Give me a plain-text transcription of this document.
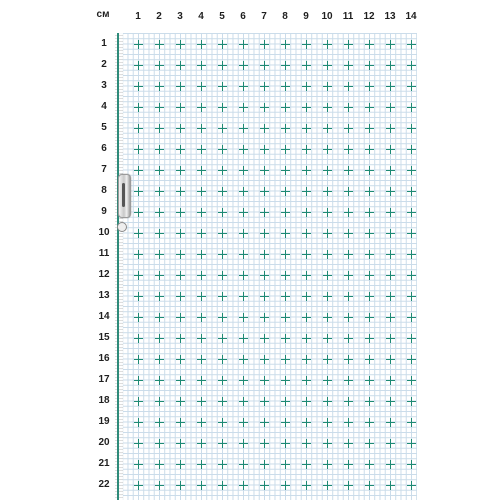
см	1	2	3	4	5	6	7	8	9	10	11	12 13 14
1
2
3
4
5
6
7
8
9
10
11
12
13
14
15
16
17
18
19
20
21
22
